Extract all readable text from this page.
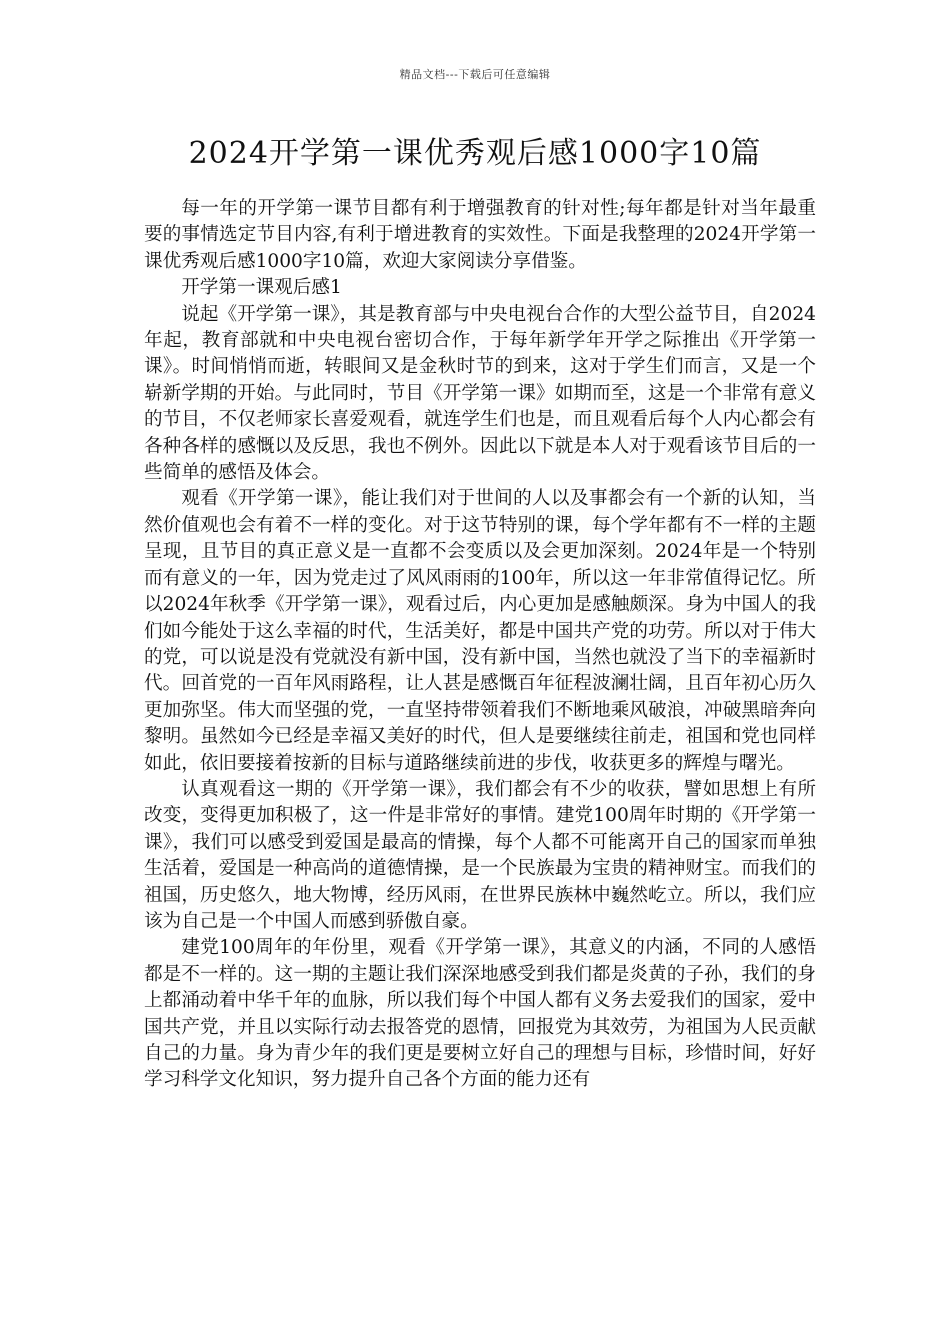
精品文档---下载后可任意编辑
2024开学第一课优秀观后感1000字10篇

每一年的开学第一课节目都有利于增强教育的针对性;每年都是针对当年最重要的事情选定节目内容,有利于增进教育的实效性。下面是我整理的2024开学第一课优秀观后感1000字10篇，欢迎大家阅读分享借鉴。

开学第一课观后感1

说起《开学第一课》，其是教育部与中央电视台合作的大型公益节目，自2024年起，教育部就和中央电视台密切合作，于每年新学年开学之际推出《开学第一课》。时间悄悄而逝，转眼间又是金秋时节的到来，这对于学生们而言，又是一个崭新学期的开始。与此同时，节目《开学第一课》如期而至，这是一个非常有意义的节目，不仅老师家长喜爱观看，就连学生们也是，而且观看后每个人内心都会有各种各样的感慨以及反思，我也不例外。因此以下就是本人对于观看该节目后的一些简单的感悟及体会。

观看《开学第一课》，能让我们对于世间的人以及事都会有一个新的认知，当然价值观也会有着不一样的变化。对于这节特别的课，每个学年都有不一样的主题呈现，且节目的真正意义是一直都不会变质以及会更加深刻。2024年是一个特别而有意义的一年，因为党走过了风风雨雨的100年，所以这一年非常值得记忆。所以2024年秋季《开学第一课》，观看过后，内心更加是感触颇深。身为中国人的我们如今能处于这么幸福的时代，生活美好，都是中国共产党的功劳。所以对于伟大的党，可以说是没有党就没有新中国，没有新中国，当然也就没了当下的幸福新时代。回首党的一百年风雨路程，让人甚是感慨百年征程波澜壮阔，且百年初心历久更加弥坚。伟大而坚强的党，一直坚持带领着我们不断地乘风破浪，冲破黑暗奔向黎明。虽然如今已经是幸福又美好的时代，但人是要继续往前走，祖国和党也同样如此，依旧要接着按新的目标与道路继续前进的步伐，收获更多的辉煌与曙光。

认真观看这一期的《开学第一课》，我们都会有不少的收获，譬如思想上有所改变，变得更加积极了，这一件是非常好的事情。建党100周年时期的《开学第一课》，我们可以感受到爱国是最高的情操，每个人都不可能离开自己的国家而单独生活着，爱国是一种高尚的道德情操，是一个民族最为宝贵的精神财宝。而我们的祖国，历史悠久，地大物博，经历风雨，在世界民族林中巍然屹立。所以，我们应该为自己是一个中国人而感到骄傲自豪。

建党100周年的年份里，观看《开学第一课》，其意义的内涵，不同的人感悟都是不一样的。这一期的主题让我们深深地感受到我们都是炎黄的子孙，我们的身上都涌动着中华千年的血脉，所以我们每个中国人都有义务去爱我们的国家，爱中国共产党，并且以实际行动去报答党的恩情，回报党为其效劳，为祖国为人民贡献自己的力量。身为青少年的我们更是要树立好自己的理想与目标，珍惜时间，好好学习科学文化知识，努力提升自己各个方面的能力还有
